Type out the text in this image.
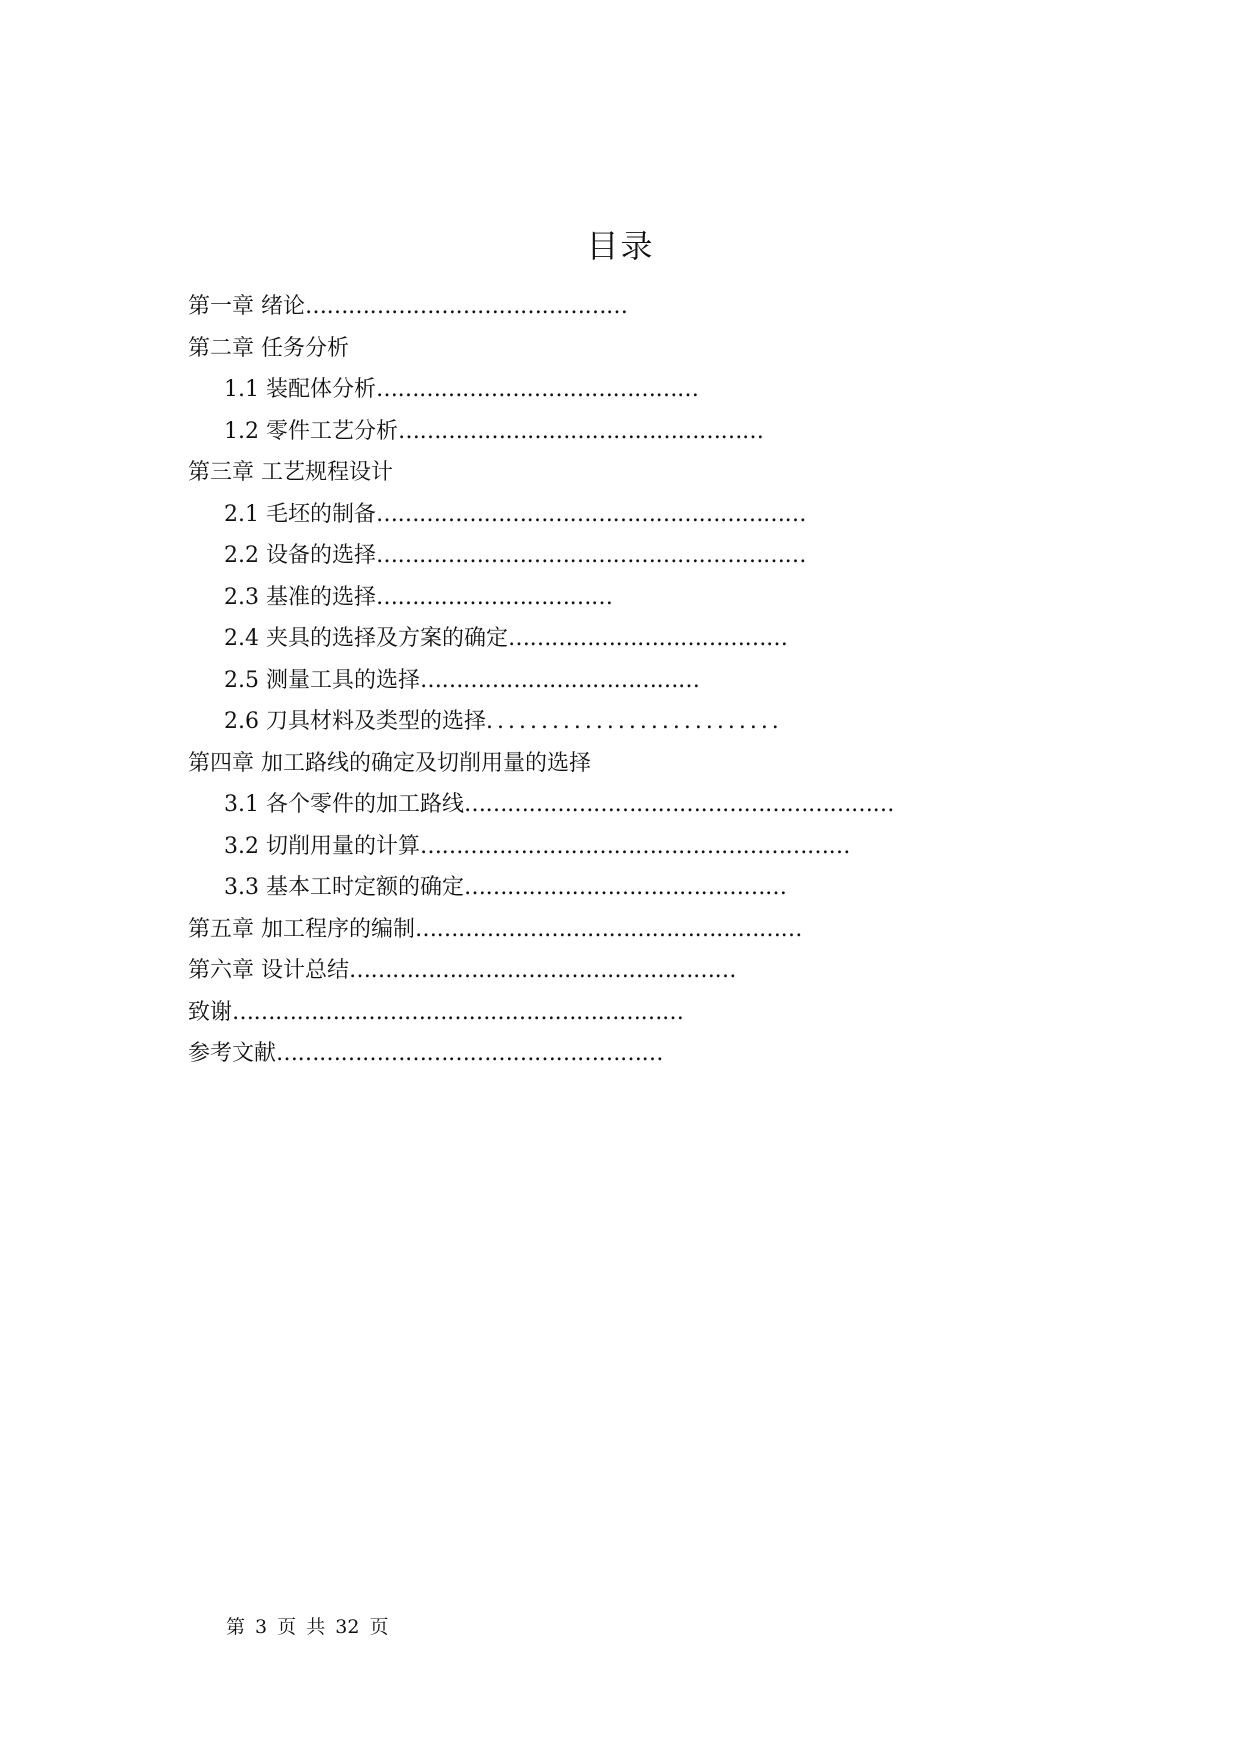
目录
第一章 绪论………………………………………
第二章 任务分析
1.1 装配体分析………………………………………
1.2 零件工艺分析……………………………………………
第三章 工艺规程设计
2.1 毛坯的制备……………………………………………………
2.2 设备的选择……………………………………………………
2.3 基准的选择……………………………
2.4 夹具的选择及方案的确定…………………………………
2.5 测量工具的选择…………………………………
2.6 刀具材料及类型的选择...........................
第四章 加工路线的确定及切削用量的选择
3.1 各个零件的加工路线……………………………………………………
3.2 切削用量的计算……………………………………………………
3.3 基本工时定额的确定………………………………………
第五章 加工程序的编制………………………………………………
第六章 设计总结………………………………………………
致谢………………………………………………………
参考文献………………………………………………
第 3 页 共 32 页
